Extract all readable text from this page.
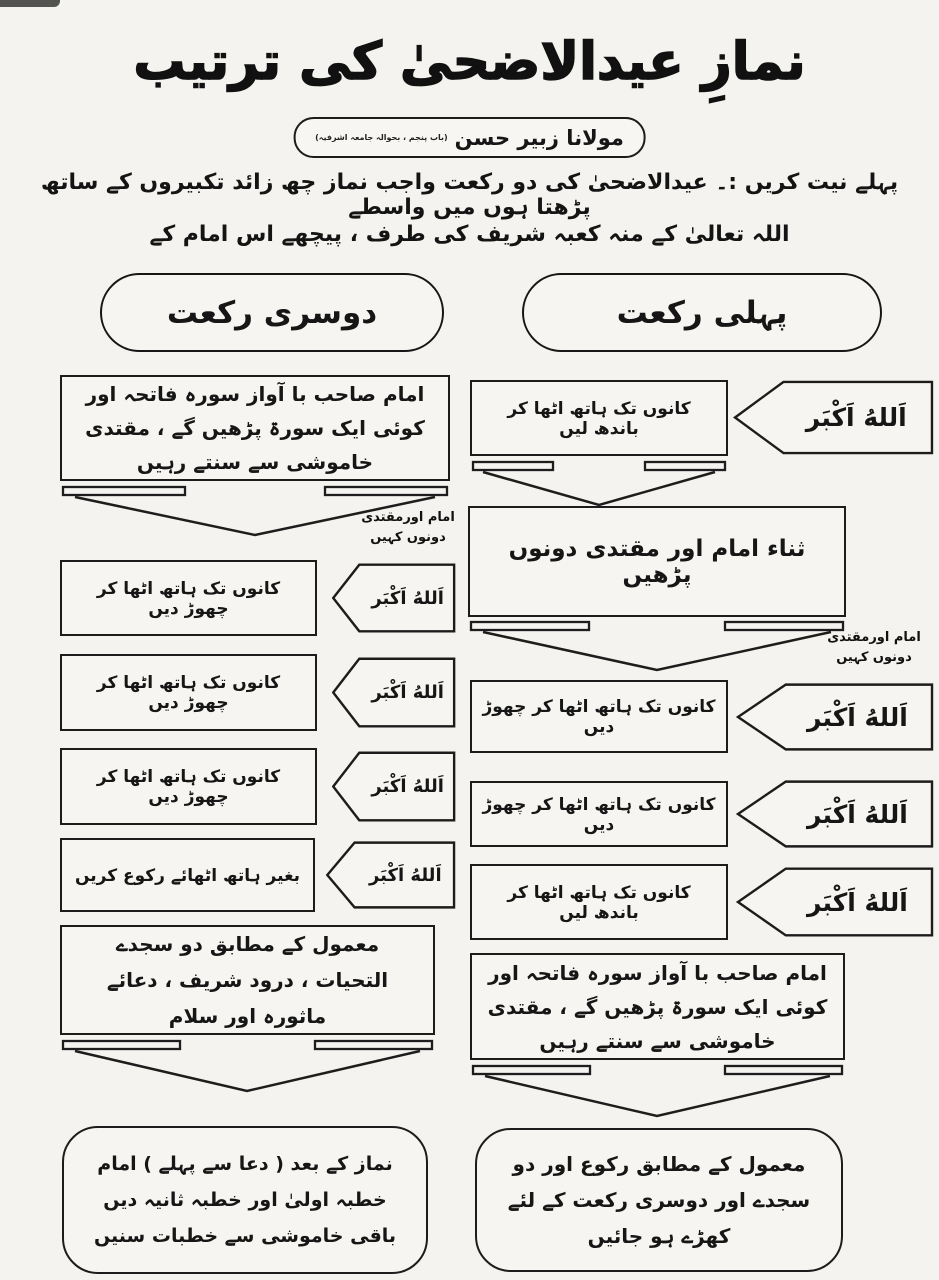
نمازِ عیدالاضحیٰ کی ترتیب
مولانا زبیر حسن
(باب پنجم ، بحوالہ جامعہ اشرفیہ)
پہلے نیت کریں :۔ عیدالاضحیٰ کی دو رکعت واجب نماز چھ زائد تکبیروں کے ساتھ پڑھتا ہوں میں واسطے
اللہ تعالیٰ کے منہ کعبہ شریف کی طرف ، پیچھے اس امام کے
پہلی رکعت
دوسری رکعت
کانوں تک ہاتھ اٹھا کر باندھ لیں	اَللهُ اَکْبَر
ثناء امام اور مقتدی دونوں پڑھیں
امام اورمقتدی
دونوں کہیں
کانوں تک ہاتھ اٹھا کر چھوڑ دیں	اَللهُ اَکْبَر
کانوں تک ہاتھ اٹھا کر چھوڑ دیں	اَللهُ اَکْبَر
کانوں تک ہاتھ اٹھا کر باندھ لیں	اَللهُ اَکْبَر
امام صاحب با آواز سورہ فاتحہ اور کوئی ایک سورۃ پڑھیں گے ، مقتدی خاموشی سے سنتے رہیں
معمول کے مطابق رکوع اور دو سجدے اور دوسری رکعت کے لئے کھڑے ہو جائیں
امام صاحب با آواز سورہ فاتحہ اور کوئی ایک سورۃ پڑھیں گے ، مقتدی خاموشی سے سنتے رہیں
امام اورمقتدی
دونوں کہیں
کانوں تک ہاتھ اٹھا کر چھوڑ دیں	اَللهُ اَکْبَر
کانوں تک ہاتھ اٹھا کر چھوڑ دیں	اَللهُ اَکْبَر
کانوں تک ہاتھ اٹھا کر چھوڑ دیں	اَللهُ اَکْبَر
بغیر ہاتھ اٹھائے رکوع کریں	اَللهُ اَکْبَر
معمول کے مطابق دو سجدے
التحیات ، درود شریف ، دعائے ماثورہ اور سلام
نماز کے بعد ( دعا سے پہلے ) امام خطبہ اولیٰ اور خطبہ ثانیہ دیں باقی خاموشی سے خطبات سنیں
